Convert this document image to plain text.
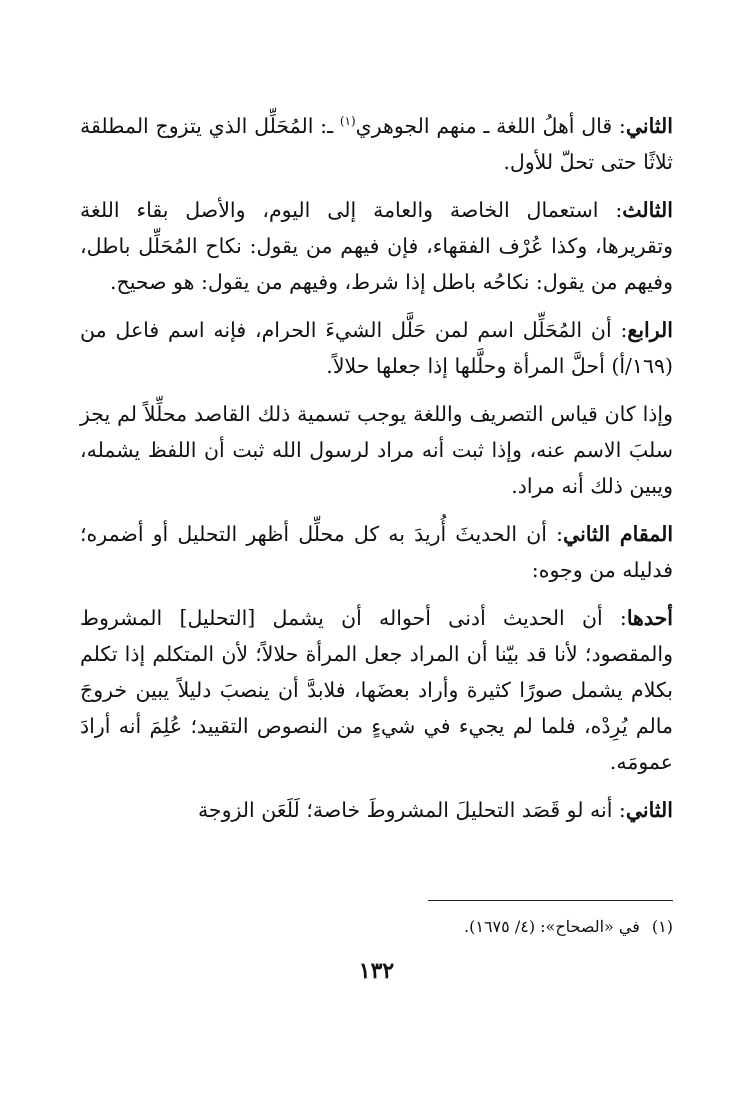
الثاني: قال أهلُ اللغة ـ منهم الجوهري$^{(١)}$ ـ: المُحَلِّل الذي يتزوج المطلقة ثلاثًا حتى تحلّ للأول.

الثالث: استعمال الخاصة والعامة إلى اليوم، والأصل بقاء اللغة وتقريرها، وكذا عُرْف الفقهاء، فإن فيهم من يقول: نكاح المُحَلِّل باطل، وفيهم من يقول: نكاحُه باطل إذا شرط، وفيهم من يقول: هو صحيح.

الرابع: أن المُحَلِّل اسم لمن حَلَّل الشيءَ الحرام، فإنه اسم فاعل من (١٦٩/أ) أحلَّ المرأة وحلَّلها إذا جعلها حلالاً.

وإذا كان قياس التصريف واللغة يوجب تسمية ذلك القاصد محلِّلاً لم يجز سلبَ الاسم عنه، وإذا ثبت أنه مراد لرسول الله ثبت أن اللفظ يشمله، ويبين ذلك أنه مراد.

المقام الثاني: أن الحديثَ أُريدَ به كل محلِّل أظهر التحليل أو أضمره؛ فدليله من وجوه:

أحدها: أن الحديث أدنى أحواله أن يشمل [التحليل] المشروط والمقصود؛ لأنا قد بيّنا أن المراد جعل المرأة حلالاً؛ لأن المتكلم إذا تكلم بكلام يشمل صورًا كثيرة وأراد بعضَها، فلابدَّ أن ينصبَ دليلاً يبين خروجَ مالم يُرِدْه، فلما لم يجيء في شيءٍ من النصوص التقييد؛ عُلِمَ أنه أرادَ عمومَه.

الثاني: أنه لو قَصَد التحليلَ المشروطَ خاصة؛ لَلَعَن الزوجة

(١)في «الصحاح»: (٤/ ١٦٧٥).
١٣٢
